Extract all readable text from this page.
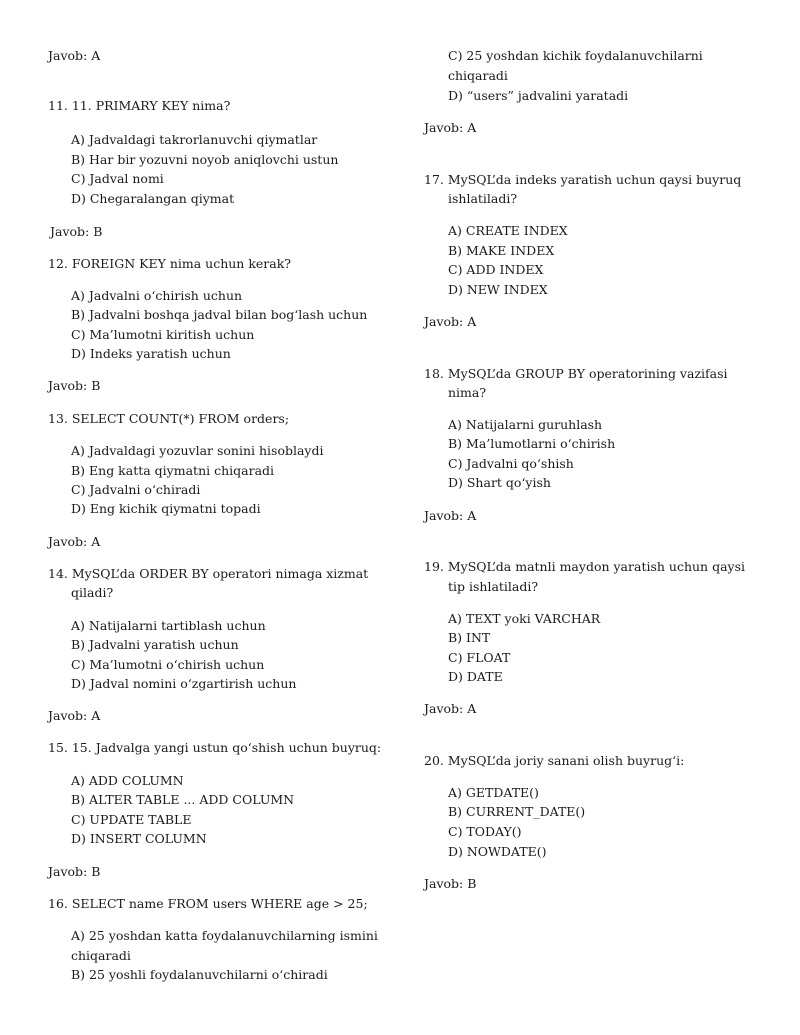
Javob: A
11. 11. PRIMARY KEY nima?
A) Jadvaldagi takrorlanuvchi qiymatlar
B) Har bir yozuvni noyob aniqlovchi ustun
C) Jadval nomi
D) Chegaralangan qiymat
Javob: B
12. FOREIGN KEY nima uchun kerak?
A) Jadvalni o‘chirish uchun
B) Jadvalni boshqa jadval bilan bog‘lash uchun
C) Ma’lumotni kiritish uchun
D) Indeks yaratish uchun
Javob: B
13. SELECT COUNT(*) FROM orders;
A) Jadvaldagi yozuvlar sonini hisoblaydi
B) Eng katta qiymatni chiqaradi
C) Jadvalni o‘chiradi
D) Eng kichik qiymatni topadi
Javob: A
14. MySQL’da ORDER BY operatori nimaga xizmat
qiladi?
A) Natijalarni tartiblash uchun
B) Jadvalni yaratish uchun
C) Ma’lumotni o‘chirish uchun
D) Jadval nomini o‘zgartirish uchun
Javob: A
15. 15. Jadvalga yangi ustun qo‘shish uchun buyruq:
A) ADD COLUMN
B) ALTER TABLE ... ADD COLUMN
C) UPDATE TABLE
D) INSERT COLUMN
Javob: B
16. SELECT name FROM users WHERE age > 25;
A) 25 yoshdan katta foydalanuvchilarning ismini
chiqaradi
B) 25 yoshli foydalanuvchilarni o‘chiradi
C) 25 yoshdan kichik foydalanuvchilarni
chiqaradi
D) “users” jadvalini yaratadi
Javob: A
17. MySQL’da indeks yaratish uchun qaysi buyruq
ishlatiladi?
A) CREATE INDEX
B) MAKE INDEX
C) ADD INDEX
D) NEW INDEX
Javob: A
18. MySQL’da GROUP BY operatorining vazifasi
nima?
A) Natijalarni guruhlash
B) Ma’lumotlarni o‘chirish
C) Jadvalni qo‘shish
D) Shart qo‘yish
Javob: A
19. MySQL’da matnli maydon yaratish uchun qaysi
tip ishlatiladi?
A) TEXT yoki VARCHAR
B) INT
C) FLOAT
D) DATE
Javob: A
20. MySQL’da joriy sanani olish buyrug‘i:
A) GETDATE()
B) CURRENT_DATE()
C) TODAY()
D) NOWDATE()
Javob: B
